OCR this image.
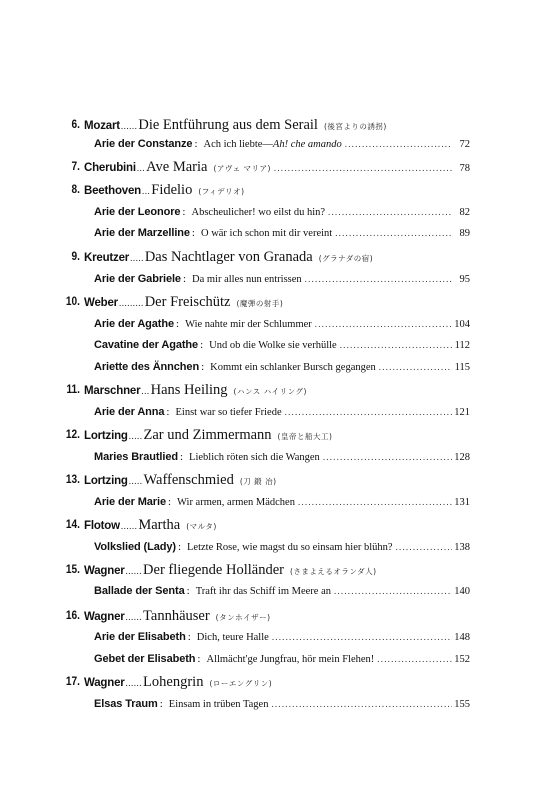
6. Mozart ...... Die Entführung aus dem Serail (後宮よりの誘拐)
Arie der Constanze : Ach ich liebte—Ah! che amando .....	72
7. Cherubini ... Ave Maria (アヴェ マリア) .....	78
8. Beethoven ... Fidelio (フィデリオ)
Arie der Leonore : Abscheulicher! wo eilst du hin? .....	82
Arie der Marzelline : O wär ich schon mit dir vereint .....	89
9. Kreutzer ..... Das Nachtlager von Granada (グラナダの宿)
Arie der Gabriele : Da mir alles nun entrissen .....	95
10. Weber ......... Der Freischütz (魔弾の射手)
Arie der Agathe : Wie nahte mir der Schlummer .....	104
Cavatine der Agathe : Und ob die Wolke sie verhülle .....	112
Ariette des Ännchen : Kommt ein schlanker Bursch gegangen .....	115
11. Marschner ... Hans Heiling (ハンス ハイリング)
Arie der Anna : Einst war so tiefer Friede .....	121
12. Lortzing ..... Zar und Zimmermann (皇帝と船大工)
Maries Brautlied : Lieblich röten sich die Wangen .....	128
13. Lortzing ..... Waffenschmied (刀 鍛 冶)
Arie der Marie : Wir armen, armen Mädchen .....	131
14. Flotow ...... Martha (マルタ)
Volkslied (Lady) : Letzte Rose, wie magst du so einsam hier blühn? .....	138
15. Wagner ...... Der fliegende Holländer (さまよえるオランダ人)
Ballade der Senta : Traft ihr das Schiff im Meere an .....	140
16. Wagner ...... Tannhäuser (タンホイザー)
Arie der Elisabeth : Dich, teure Halle .....	148
Gebet der Elisabeth : Allmächt'ge Jungfrau, hör mein Flehen! .....	152
17. Wagner ...... Lohengrin (ローエングリン)
Elsas Traum : Einsam in trüben Tagen .....	155
